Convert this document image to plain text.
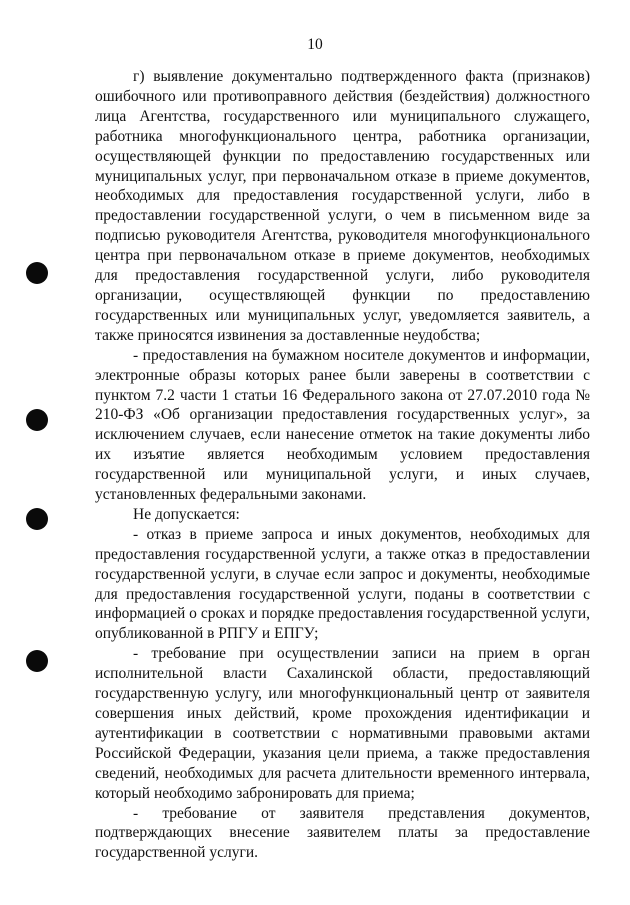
10

г) выявление документально подтвержденного факта (признаков) ошибочного или противоправного действия (бездействия) должностного лица Агентства, государственного или муниципального служащего, работника многофункционального центра, работника организации, осуществляющей функции по предоставлению государственных или муниципальных услуг, при первоначальном отказе в приеме документов, необходимых для предоставления государственной услуги, либо в предоставлении государственной услуги, о чем в письменном виде за подписью руководителя Агентства, руководителя многофункционального центра при первоначальном отказе в приеме документов, необходимых для предоставления государственной услуги, либо руководителя организации, осуществляющей функции по предоставлению государственных или муниципальных услуг, уведомляется заявитель, а также приносятся извинения за доставленные неудобства;

- предоставления на бумажном носителе документов и информации, электронные образы которых ранее были заверены в соответствии с пунктом 7.2 части 1 статьи 16 Федерального закона от 27.07.2010 года № 210-ФЗ «Об организации предоставления государственных услуг», за исключением случаев, если нанесение отметок на такие документы либо их изъятие является необходимым условием предоставления государственной или муниципальной услуги, и иных случаев, установленных федеральными законами.

Не допускается:

- отказ в приеме запроса и иных документов, необходимых для предоставления государственной услуги, а также отказ в предоставлении государственной услуги, в случае если запрос и документы, необходимые для предоставления государственной услуги, поданы в соответствии с информацией о сроках и порядке предоставления государственной услуги, опубликованной в РПГУ и ЕПГУ;

- требование при осуществлении записи на прием в орган исполнительной власти Сахалинской области, предоставляющий государственную услугу, или многофункциональный центр от заявителя совершения иных действий, кроме прохождения идентификации и аутентификации в соответствии с нормативными правовыми актами Российской Федерации, указания цели приема, а также предоставления сведений, необходимых для расчета длительности временного интервала, который необходимо забронировать для приема;

- требование от заявителя представления документов, подтверждающих внесение заявителем платы за предоставление государственной услуги.
